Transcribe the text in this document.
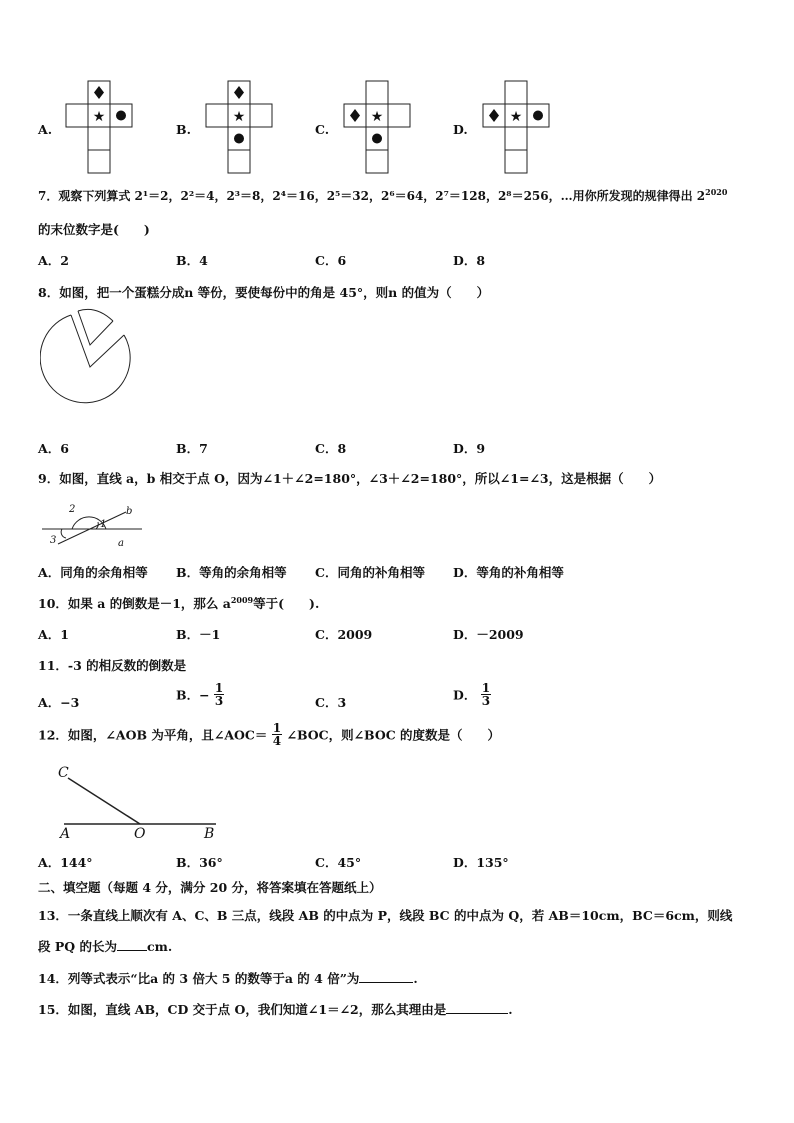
A.
★
B.
★
C.
★
D.
★
7．观察下列算式 2¹＝2，2²＝4，2³＝8，2⁴＝16，2⁵＝32，2⁶＝64，2⁷＝128，2⁸＝256，…用你所发现的规律得出 $2^{2020}$
的末位数字是(　　)
A．2	B．4	C．6	D．8
8．如图，把一个蛋糕分成n 等份，要使每份中的角是 45°，则n 的值为（　　）
A．6	B．7	C．8	D．9
9．如图，直线 a，b 相交于点 O，因为∠1＋∠2=180°，∠3＋∠2=180°，所以∠1=∠3，这是根据（　　）
2
1
3
b
a
A．同角的余角相等 B．等角的余角相等 C．同角的补角相等 D．等角的补角相等
10．如果 a 的倒数是－1，那么 $a^{2009}$等于(　　).
A．1	B．－1	C．2009	D．－2009
11．-3 的相反数的倒数是
A．−3	B．− $\frac{1}{3}$	C．3	D． $\frac{1}{3}$
12．如图，∠AOB 为平角，且∠AOC＝ $\frac{1}{4}$ ∠BOC，则∠BOC 的度数是（　　）
C
A	O	B
A．144°	B．36°	C．45°	D．135°
二、填空题（每题 4 分，满分 20 分，将答案填在答题纸上）
13．一条直线上顺次有 A、C、B 三点，线段 AB 的中点为 P，线段 BC 的中点为 Q，若 AB＝10cm，BC＝6cm，则线
段 PQ 的长为 cm.
14．列等式表示“比a 的 3 倍大 5 的数等于a 的 4 倍”为	.
15．如图，直线 AB，CD 交于点 O，我们知道∠1＝∠2，那么其理由是	.
